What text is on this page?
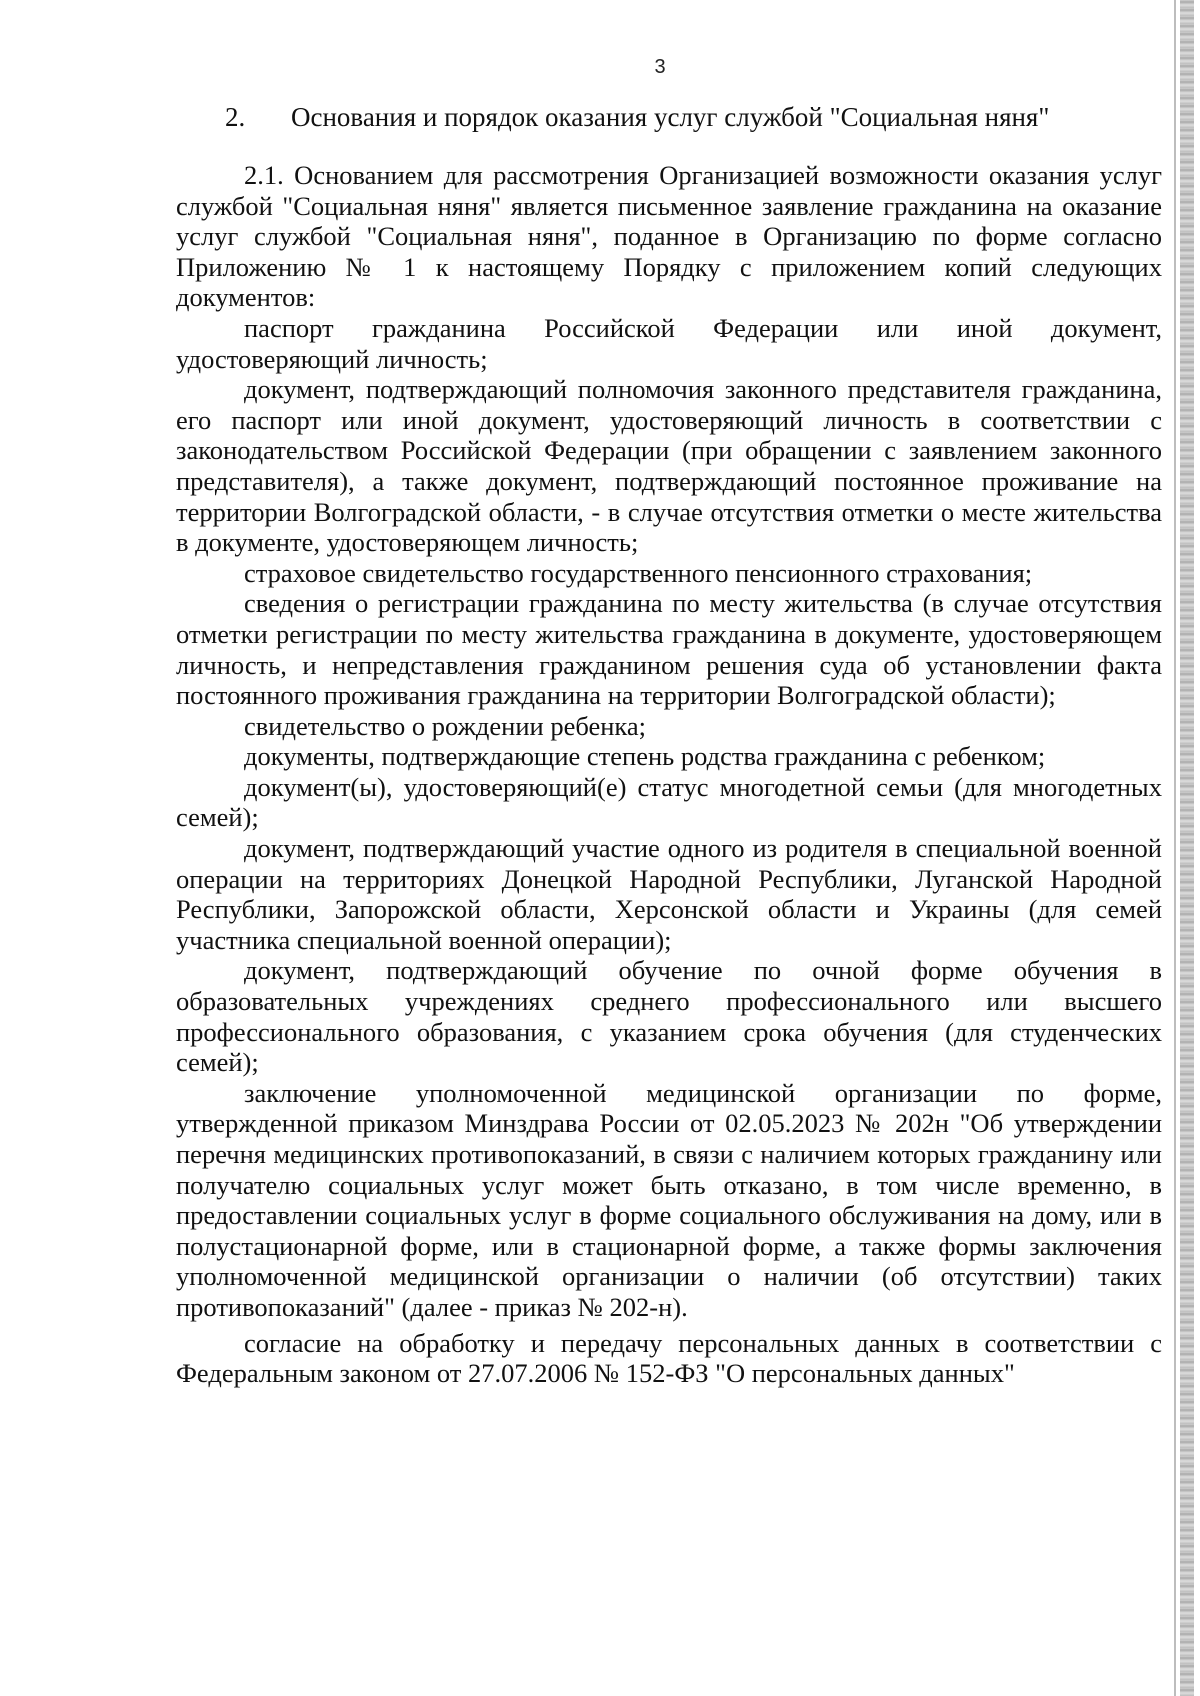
3
2. Основания и порядок оказания услуг службой "Социальная няня"

2.1. Основанием для рассмотрения Организацией возможности оказания услуг службой "Социальная няня" является письменное заявление гражданина на оказание услуг службой "Социальная няня", поданное в Организацию по форме согласно Приложению № 1 к настоящему Порядку с приложением копий следующих документов:

паспорт гражданина Российской Федерации или иной документ, удостоверяющий личность;

документ, подтверждающий полномочия законного представителя гражданина, его паспорт или иной документ, удостоверяющий личность в соответствии с законодательством Российской Федерации (при обращении с заявлением законного представителя), а также документ, подтверждающий постоянное проживание на территории Волгоградской области, - в случае отсутствия отметки о месте жительства в документе, удостоверяющем личность;

страховое свидетельство государственного пенсионного страхования;

сведения о регистрации гражданина по месту жительства (в случае отсутствия отметки регистрации по месту жительства гражданина в документе, удостоверяющем личность, и непредставления гражданином решения суда об установлении факта постоянного проживания гражданина на территории Волгоградской области);

свидетельство о рождении ребенка;

документы, подтверждающие степень родства гражданина с ребенком;

документ(ы), удостоверяющий(е) статус многодетной семьи (для многодетных семей);

документ, подтверждающий участие одного из родителя в специальной военной операции на территориях Донецкой Народной Республики, Луганской Народной Республики, Запорожской области, Херсонской области и Украины (для семей участника специальной военной операции);

документ, подтверждающий обучение по очной форме обучения в образовательных учреждениях среднего профессионального или высшего профессионального образования, с указанием срока обучения (для студенческих семей);

заключение уполномоченной медицинской организации по форме, утвержденной приказом Минздрава России от 02.05.2023 № 202н "Об утверждении перечня медицинских противопоказаний, в связи с наличием которых гражданину или получателю социальных услуг может быть отказано, в том числе временно, в предоставлении социальных услуг в форме социального обслуживания на дому, или в полустационарной форме, или в стационарной форме, а также формы заключения уполномоченной медицинской организации о наличии (об отсутствии) таких противопоказаний" (далее - приказ № 202-н).

согласие на обработку и передачу персональных данных в соответствии с Федеральным законом от 27.07.2006 № 152-ФЗ "О персональных данных"
